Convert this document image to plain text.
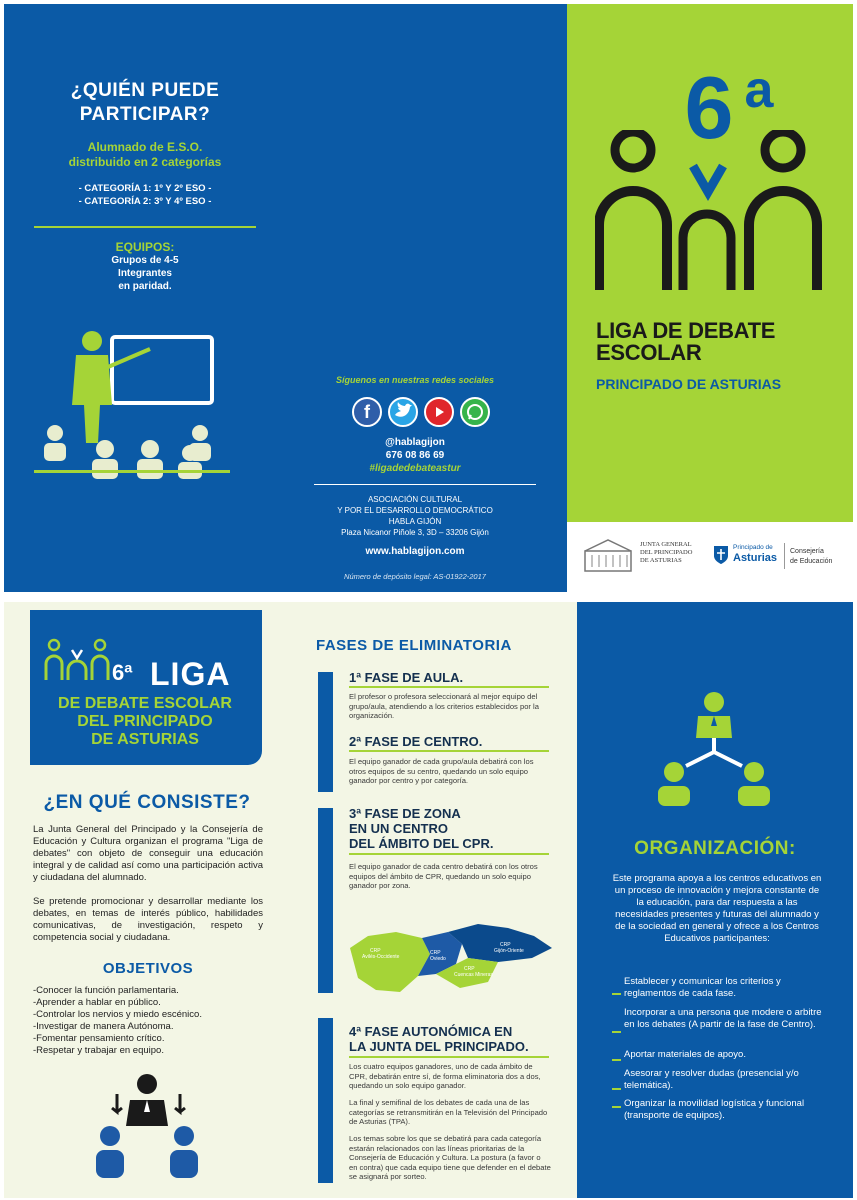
¿QUIÉN PUEDE
PARTICIPAR?
Alumnado de E.S.O.
distribuido en 2 categorías
- CATEGORÍA 1: 1º Y 2º ESO -
- CATEGORÍA 2: 3º Y 4º ESO -
EQUIPOS:
Grupos de 4-5
Integrantes
en paridad.
Síguenos en nuestras redes sociales
f
@hablagijon
676 08 86 69
#ligadedebateastur
ASOCIACIÓN CULTURAL
Y POR EL DESARROLLO DEMOCRÁTICO
HABLA GIJÓN
Plaza Nicanor Piñole 3, 3D – 33206 Gijón
www.hablagijon.com
Número de depósito legal: AS-01922-2017
6 a
LIGA DE DEBATE
ESCOLAR
PRINCIPADO DE ASTURIAS
JUNTA GENERAL
DEL PRINCIPADO
DE ASTURIAS
Principado de
Asturias
Consejería
de Educación
6ª LIGA
DE DEBATE ESCOLAR
DEL PRINCIPADO
DE ASTURIAS
¿EN QUÉ CONSISTE?
La Junta General del Principado y la Consejería de Educación y Cultura organizan el programa "Liga de debates" con objeto de conseguir una educación integral y de calidad así como una participación activa y ciudadana del alumnado.
Se pretende promocionar y desarrollar mediante los debates, en temas de interés público, habilidades comunicativas, de investigación, respeto y competencia social y ciudadana.
OBJETIVOS
-Conocer la función parlamentaria.
-Aprender a hablar en público.
-Controlar los nervios y miedo escénico.
-Investigar de manera Autónoma.
-Fomentar pensamiento crítico.
-Respetar y trabajar en equipo.
FASES DE ELIMINATORIA
1ª FASE DE AULA.
El profesor o profesora seleccionará al mejor equipo del grupo/aula, atendiendo a los criterios establecidos por la organización.
2ª FASE DE CENTRO.
El equipo ganador de cada grupo/aula debatirá con los otros equipos de su centro, quedando un solo equipo ganador por centro y por categoría.
3ª FASE DE ZONA
EN UN CENTRO
DEL ÁMBITO DEL CPR.
El equipo ganador de cada centro debatirá con los otros equipos del ámbito de CPR, quedando un solo equipo ganador por zona.
CRP
Avilés-Occidente
CRP
Oviedo
CRP
Gijón-Oriente
CRP
Cuencas Mineras
4ª FASE AUTONÓMICA EN
LA JUNTA DEL PRINCIPADO.
Los cuatro equipos ganadores, uno de cada ámbito de CPR, debatirán entre sí, de forma eliminatoria dos a dos, quedando un solo equipo ganador.
La final y semifinal de los debates de cada una de las categorías se retransmitirán en la Televisión del Principado de Asturias (TPA).
Los temas sobre los que se debatirá para cada categoría estarán relacionados con las líneas prioritarias de la Consejería de Educación y Cultura. La postura (a favor o en contra) que cada equipo tiene que defender en el debate se asignará por sorteo.
ORGANIZACIÓN:
Este programa apoya a los centros educativos en un proceso de innovación y mejora constante de la educación, para dar respuesta a las necesidades presentes y futuras del alumnado y de la sociedad en general y ofrece a los Centros Educativos participantes:
Establecer y comunicar los criterios y reglamentos de cada fase.
Incorporar a una persona que modere o arbitre en los debates (A partir de la fase de Centro).
Aportar materiales de apoyo.
Asesorar y resolver dudas (presencial y/o telemática).
Organizar la movilidad logística y funcional (transporte de equipos).
